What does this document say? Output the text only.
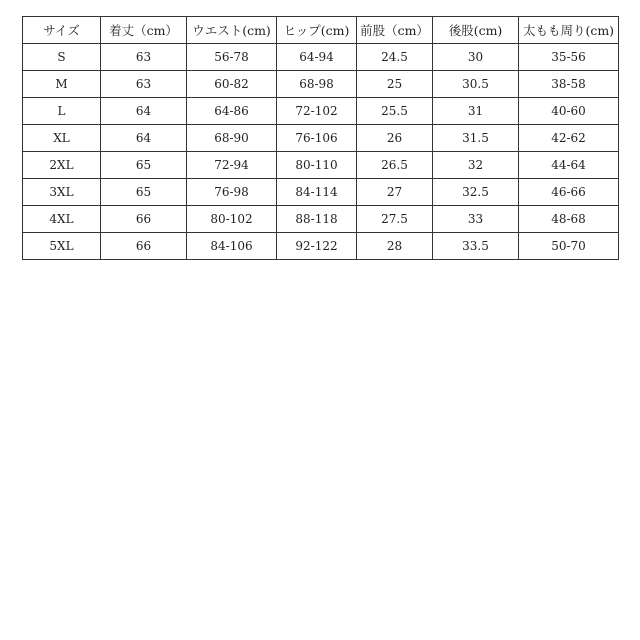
サイズ	着丈（cm）	ウエスト(cm)	ヒップ(cm)	前股（cm）	後股(cm)	太もも周り(cm)
S	63	56-78	64-94	24.5	30	35-56
M	63	60-82	68-98	25	30.5	38-58
L	64	64-86	72-102	25.5	31	40-60
XL	64	68-90	76-106	26	31.5	42-62
2XL	65	72-94	80-110	26.5	32	44-64
3XL	65	76-98	84-114	27	32.5	46-66
4XL	66	80-102	88-118	27.5	33	48-68
5XL	66	84-106	92-122	28	33.5	50-70
